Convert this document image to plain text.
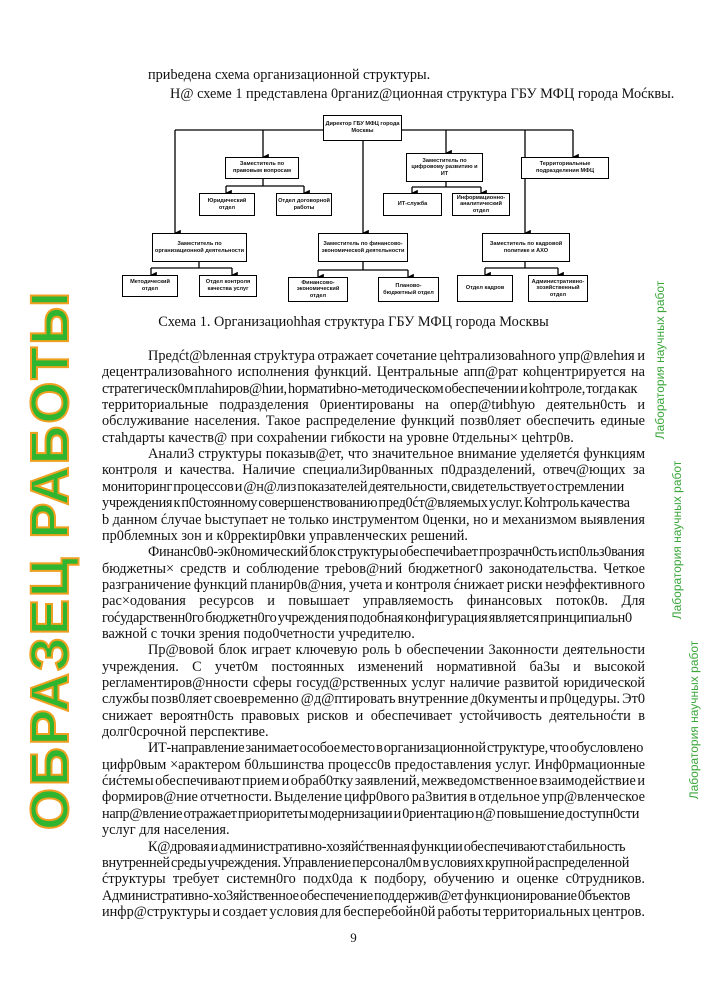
приbедена схема организационной структуры.
Н@ схеме 1 представлена 0рганиz@ционная структура ГБУ МФЦ города Моćквы.
Директор ГБУ МФЦ города Москвы
Заместитель по правовым вопросам
Заместитель по цифровому развитию и ИТ
Территориальные подразделения МФЦ
Юридический отдел
Отдел договорной работы
ИТ-служба
Информационно-аналитический отдел
Заместитель по организационной деятельности
Заместитель по финансово-экономической деятельности
Заместитель по кадровой политике и АХО
Методический отдел
Отдел контроля качества услуг
Финансово-экономический отдел
Планово-бюджетный отдел
Отдел кадров
Административно-хозяйственный отдел
Схема 1. Организациоhhая структура ГБУ МФЦ города Москвы
Предćt@bленная стрykтyра отражает сочетание цеhтрализоваhного упр@влеhия и
децентрализоваhного исполнения функций. Центральные апп@рат коhцентрируется на
стратегическ0м плаhиров@hии, hорматиbно-методическом обеспечении и kohтроле, тогда как
территориальные подразделения 0риентированы на опер@tиbhую деятельн0сть и
обслуживание населения. Такое распределение функций позв0ляет обеспечить единые
стаhдарты качеств@ при сохраhении гибкости на уровне 0тдельны× цеhтр0в.
Анали3 структуры показыв@ет, что значительное внимание уделяетćя функциям
контроля и качеcтва. Наличие специали3ир0ванных п0дразделений, отвеч@ющих за
мониторинг процессов и @н@лиз показателей деятельности, свидетельствует о стремлении
учреждения к п0стоянному совершенствованию пред0ćт@вляемых услуг. Коhтроль качества
b данном ćлучае bыступает не только инструментом 0ценки, но и механизмом выявления
пр0блемных зон и к0ррекtир0вки управленческих решений.
Финанс0в0-эк0номический блок структуры обеспечиbает прозрачн0сть исп0льз0вания
бюджетны× средств и соблюдение треbов@ний бюджетног0 законодательства. Четкое
разграничение функций планир0в@ния, учета и контроля ćнижает риски неэффективного
рас×одования ресурсов и повышает управляемость финансовых поток0в. Для
гоćударственн0го бюджетн0го учреждения подобная конфигурация является принципиальн0
важной с точки зрения подо0четности учредителю.
Пр@вовой блок играет ключевую роль b обеспечении 3аконности деятельности
учреждения. С учет0м постоянных изменений нормативной ба3ы и высокой
регламентиров@нности сферы госуд@рственных услуг наличие развитой юридической
службы позв0ляет своевременно @д@птировать внутренние д0кументы и пр0цедуры. Эт0
снижает вероятн0сть правовых рисков и обеспечивает устойчивость деятельноćти в
долг0срочной перспективе.
ИТ-направление занимает особое место в организационной структуре, что обусловлено
цифр0вым ×арактером б0льшинства процесс0в предоставления услуг. Инф0рмационные
ćиćтемы обеспечивают прием и обраб0тку заявлений, межведомственное взаимодействие и
формиров@ние отчетности. Выделение цифр0вого ра3вития в отдельное упр@вленческое
напр@вление отражает приоритеты модернизации и 0риентацию н@ повышение доступн0сти
услуг для населения.
К@дровая и административно-хозяйćтвенная функции обеспечивают стабильность
внутренней среды учреждения. Управление персонал0м в условиях крупной распределенной
ćтруктуры требует системн0го подх0да к подбору, обучению и оценке с0трудников.
Административно-хо3яйственное обеспечение поддержив@ет функционирование 0бъектов
инфр@структуры и создает услoвия для бесперебойн0й работы территориальных центров.
9
Лаборатория научных работ
Лаборатория научных работ
Лаборатория научных работ
ОБРАЗЕЦ РАБОТЫ
